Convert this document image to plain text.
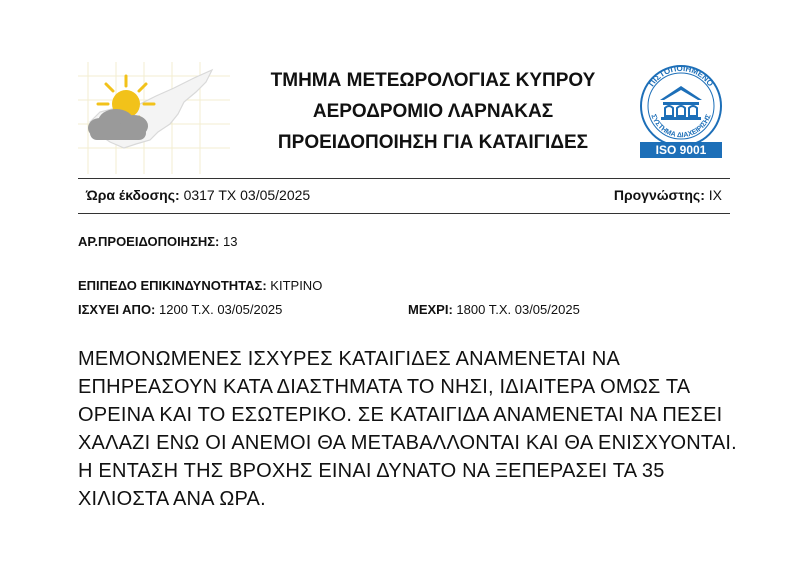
ΤΜΗΜΑ ΜΕΤΕΩΡΟΛΟΓΙΑΣ ΚΥΠΡΟΥ
ΑΕΡΟΔΡΟΜΙΟ ΛΑΡΝΑΚΑΣ
ΠΡΟΕΙΔΟΠΟΙΗΣΗ ΓΙΑ ΚΑΤΑΙΓΙΔΕΣ
ΠΙΣΤΟΠΟΙΗΜΕΝΟ
ΣΥΣΤΗΜΑ ΔΙΑΧΕΙΡΙΣΗΣ
ISO 9001
Ώρα έκδοσης: 0317 ΤΧ 03/05/2025	Προγνώστης: ΙΧ
ΑΡ.ΠΡΟΕΙΔΟΠΟΙΗΣΗΣ: 13
ΕΠΙΠΕΔΟ ΕΠΙΚΙΝΔΥΝΟΤΗΤΑΣ: ΚΙΤΡΙΝΟ
ΙΣΧΥΕΙ ΑΠΟ: 1200 Τ.Χ. 03/05/2025	ΜΕΧΡΙ: 1800 Τ.Χ. 03/05/2025

ΜΕΜΟΝΩΜΕΝΕΣ ΙΣΧΥΡΕΣ ΚΑΤΑΙΓΙΔΕΣ ΑΝΑΜΕΝΕΤΑΙ ΝΑ ΕΠΗΡΕΑΣΟΥΝ ΚΑΤΑ ΔΙΑΣΤΗΜΑΤΑ ΤΟ ΝΗΣΙ, ΙΔΙΑΙΤΕΡΑ ΟΜΩΣ ΤΑ ΟΡΕΙΝΑ ΚΑΙ ΤΟ ΕΣΩΤΕΡΙΚΟ. ΣΕ ΚΑΤΑΙΓΙΔΑ ΑΝΑΜΕΝΕΤΑΙ ΝΑ ΠΕΣΕΙ ΧΑΛΑΖΙ ΕΝΩ ΟΙ ΑΝΕΜΟΙ ΘΑ ΜΕΤΑΒΑΛΛΟΝΤΑΙ ΚΑΙ ΘΑ ΕΝΙΣΧΥΟΝΤΑΙ. Η ΕΝΤΑΣΗ ΤΗΣ ΒΡΟΧΗΣ ΕΙΝΑΙ ΔΥΝΑΤΟ ΝΑ ΞΕΠΕΡΑΣΕΙ ΤΑ 35 ΧΙΛΙΟΣΤΑ ΑΝΑ ΩΡΑ.
